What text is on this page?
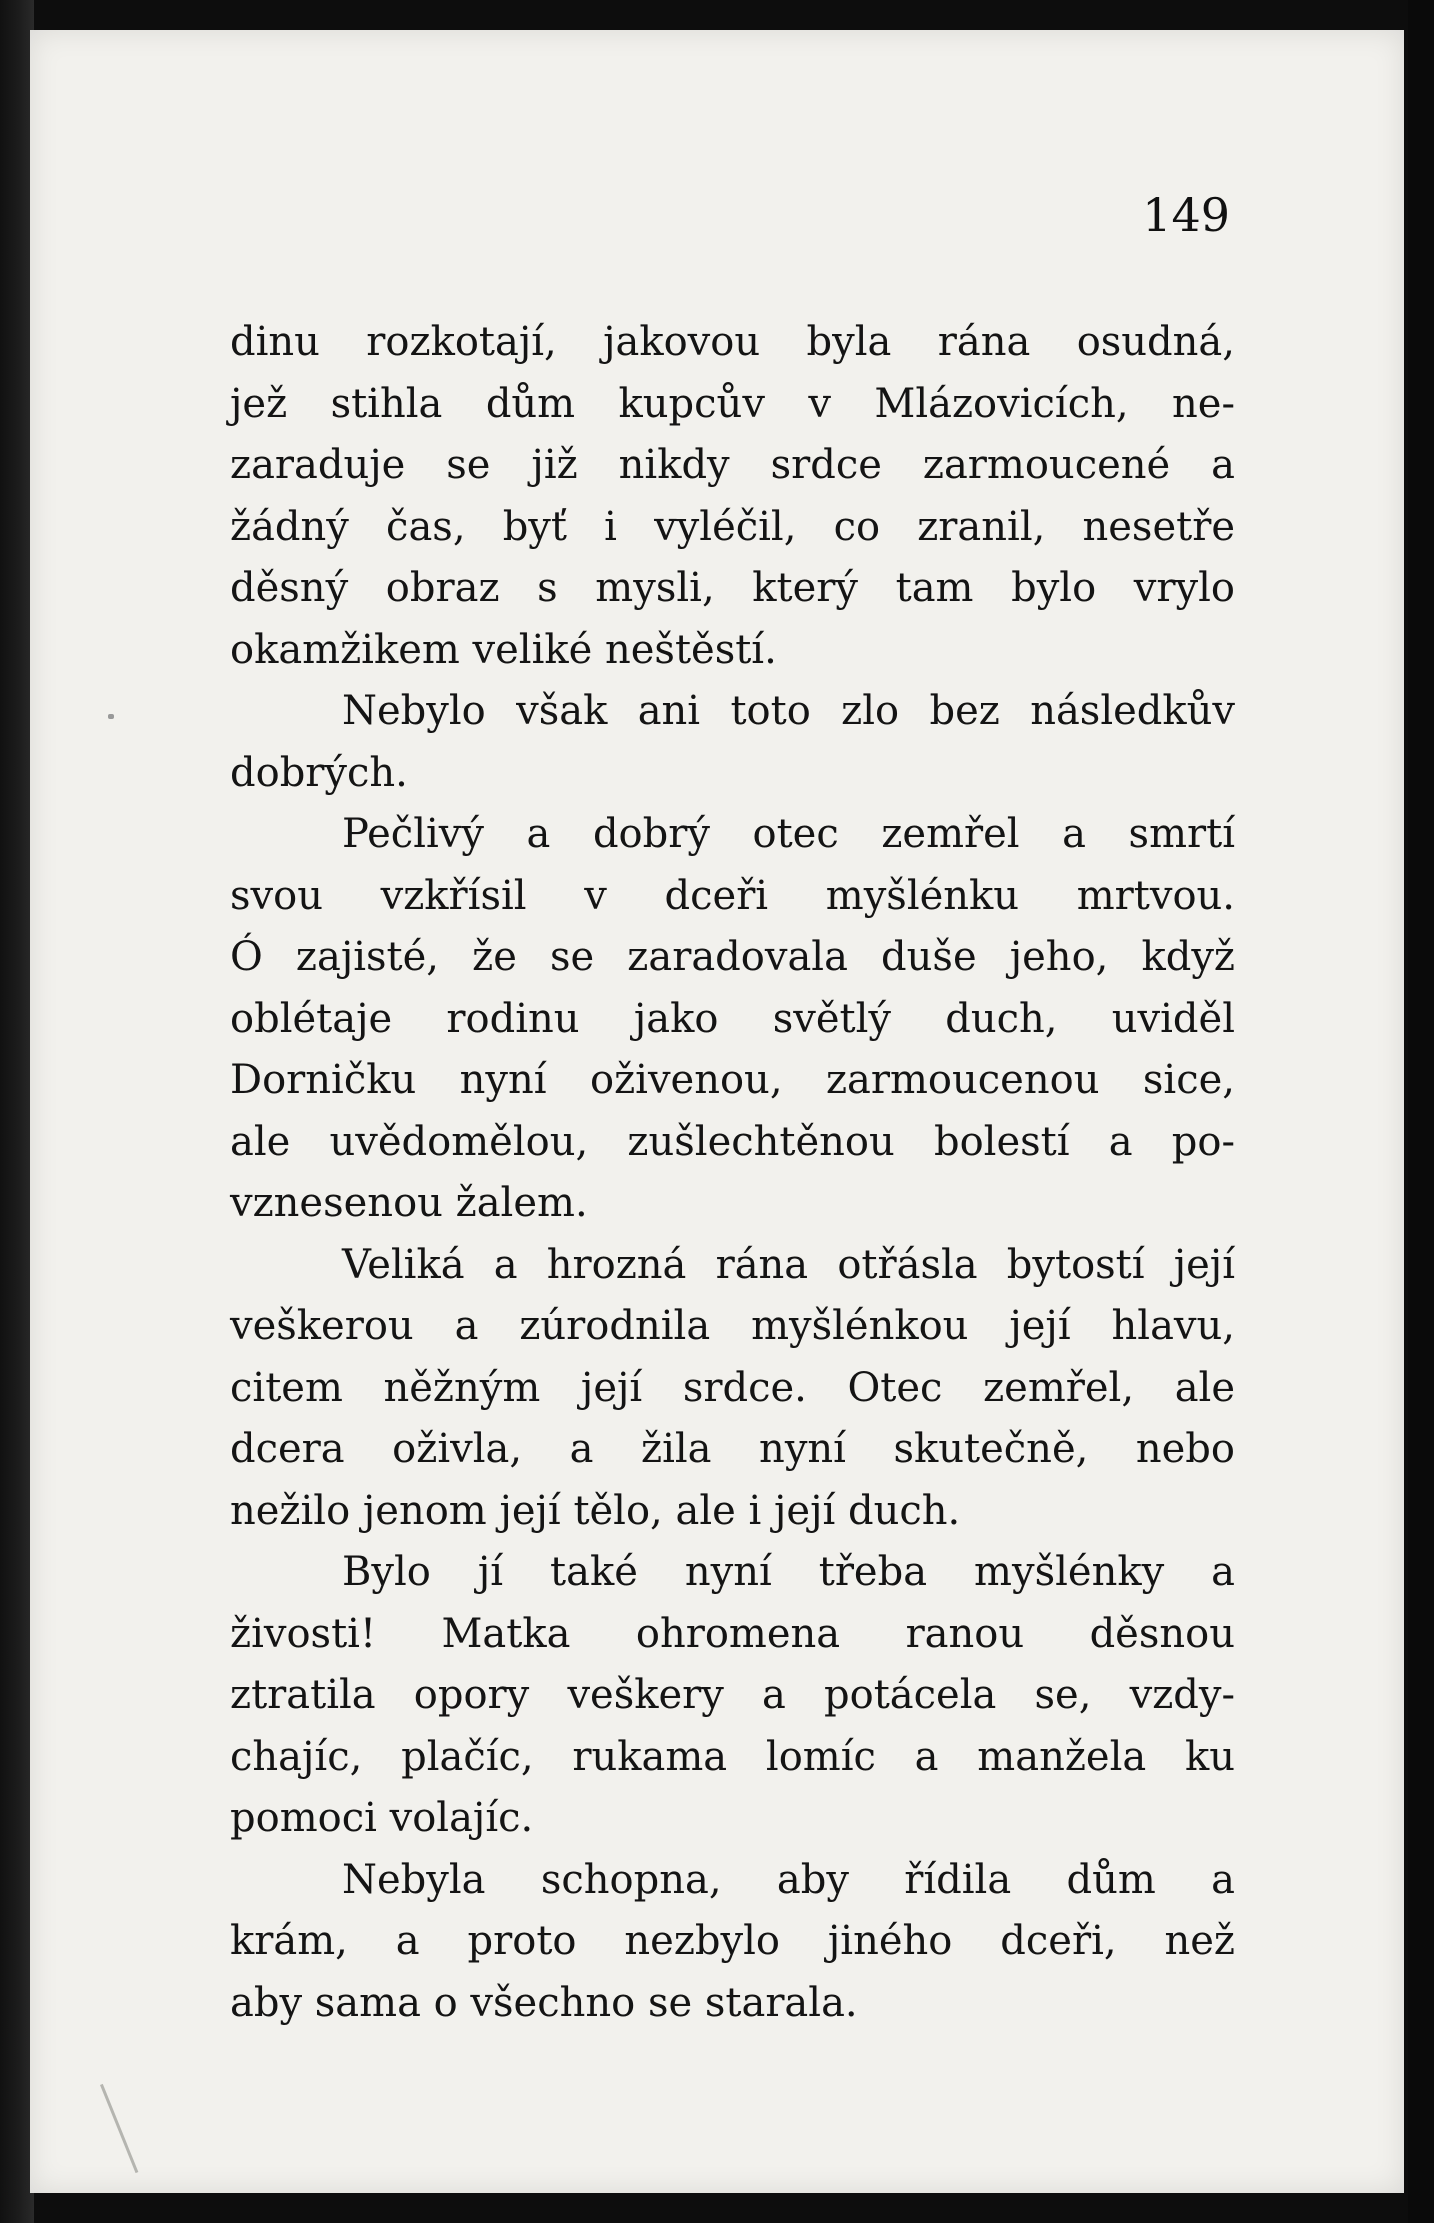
149
dinu rozkotají, jakovou byla rána osudná,
jež stihla dům kupcův v Mlázovicích, ne-
zaraduje se již nikdy srdce zarmoucené a
žádný čas, byť i vyléčil, co zranil, nesetře
děsný obraz s mysli, který tam bylo vrylo
okamžikem veliké neštěstí.
Nebylo však ani toto zlo bez následkův
dobrých.
Pečlivý a dobrý otec zemřel a smrtí
svou vzkřísil v dceři myšlénku mrtvou.
Ó zajisté, že se zaradovala duše jeho, když
oblétaje rodinu jako světlý duch, uviděl
Dorničku nyní oživenou, zarmoucenou sice,
ale uvědomělou, zušlechtěnou bolestí a po-
vznesenou žalem.
Veliká a hrozná rána otřásla bytostí její
veškerou a zúrodnila myšlénkou její hlavu,
citem něžným její srdce. Otec zemřel, ale
dcera oživla, a žila nyní skutečně, nebo
nežilo jenom její tělo, ale i její duch.
Bylo jí také nyní třeba myšlénky a
živosti! Matka ohromena ranou děsnou
ztratila opory veškery a potácela se, vzdy-
chajíc, plačíc, rukama lomíc a manžela ku
pomoci volajíc.
Nebyla schopna, aby řídila dům a
krám, a proto nezbylo jiného dceři, než
aby sama o všechno se starala.
